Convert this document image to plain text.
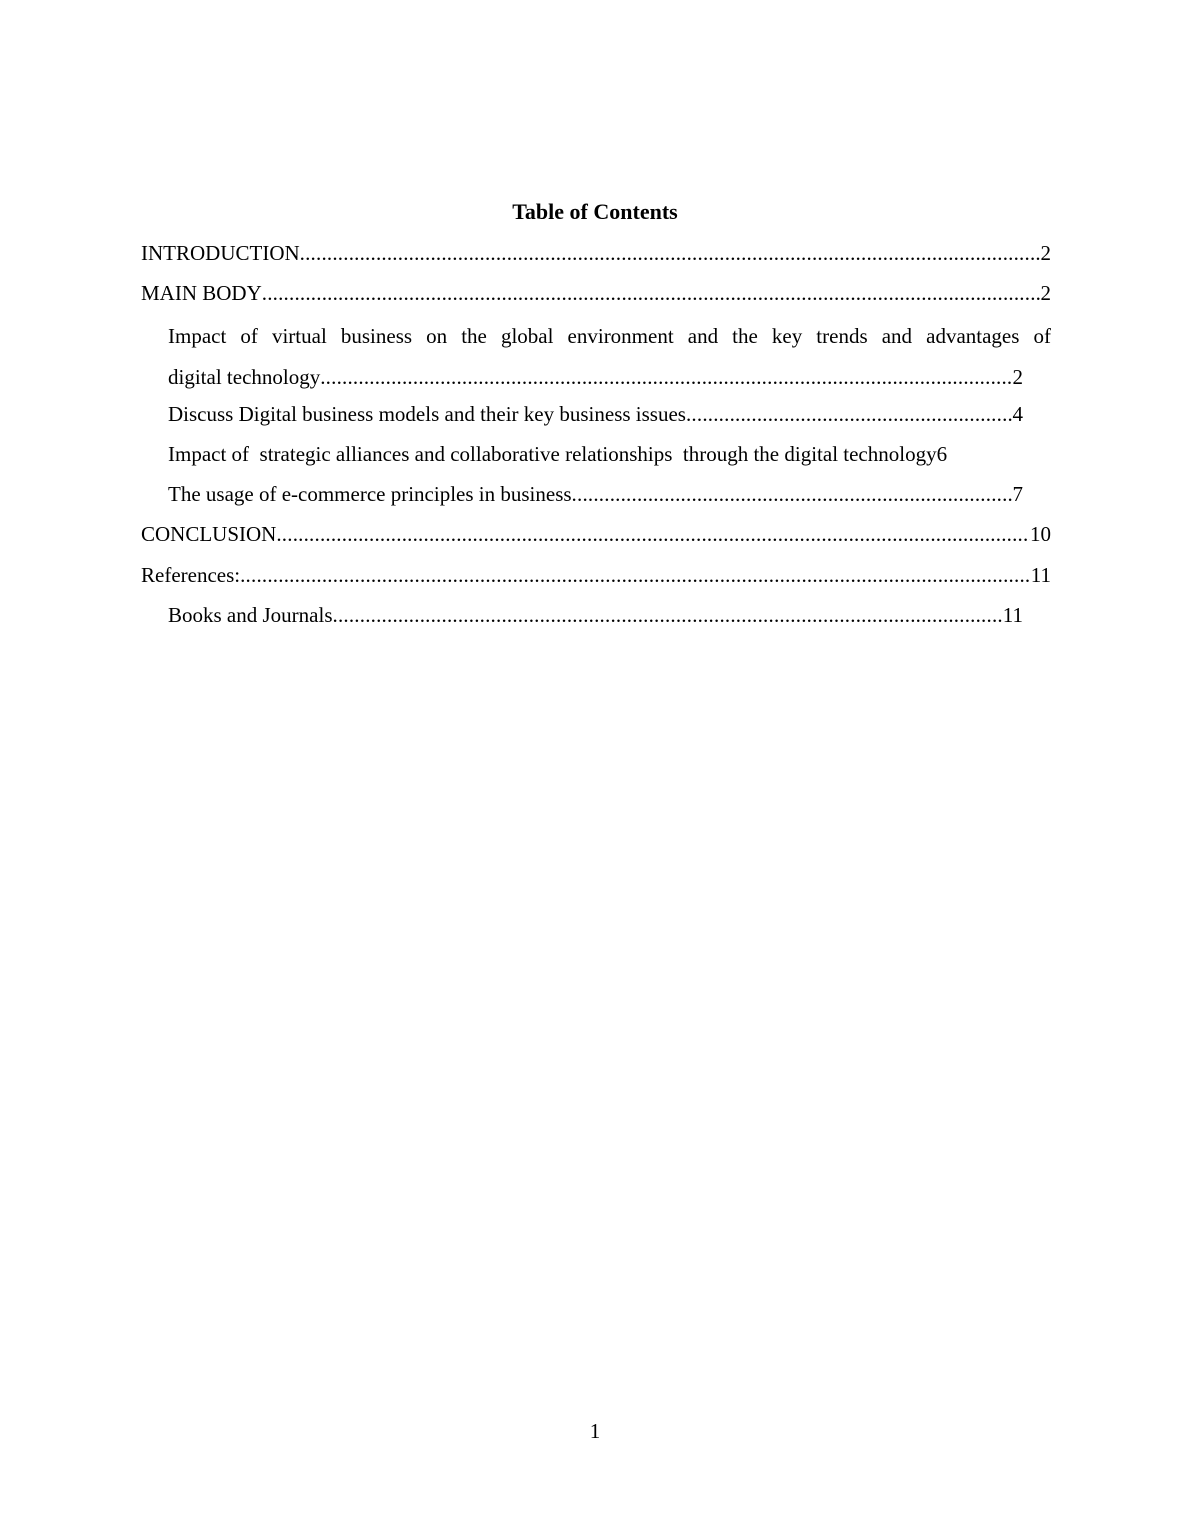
Table of Contents
INTRODUCTION .....	2
MAIN BODY .....	2
Impact of virtual business on the global environment and the key trends and advantages of
digital technology .....	2
Discuss Digital business models and their key business issues .....	4
Impact of  strategic alliances and collaborative relationships  through the digital technology 6
The usage of e-commerce principles in business .....	7
CONCLUSION .....	10
References: .....	11
Books and Journals .....	11
1
